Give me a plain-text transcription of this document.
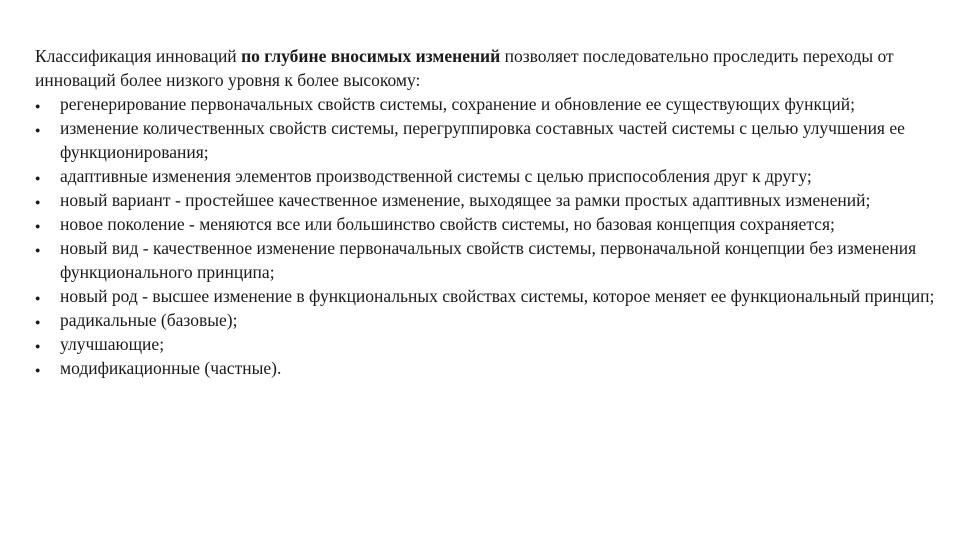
Классификация инноваций по глубине вносимых изменений позволяет последовательно проследить переходы от инноваций более низкого уровня к более высокому:

●	регенерирование первоначальных свойств системы, сохранение и обновление ее существующих функций;
●	изменение количественных свойств системы, перегруппировка составных частей системы с целью улучшения ее функционирования;
●	адаптивные изменения элементов производственной системы с целью приспособления друг к другу;
●	новый вариант - простейшее качественное изменение, выходящее за рамки простых адаптивных изменений;
●	новое поколение - меняются все или большинство свойств системы, но базовая концепция сохраняется;
●	новый вид - качественное изменение первоначальных свойств системы, первоначальной концепции без изменения функционального принципа;
●	новый род - высшее изменение в функциональных свойствах системы, которое меняет ее функциональный принцип;
●	радикальные (базовые);
●	улучшающие;
●	модификационные (частные).
